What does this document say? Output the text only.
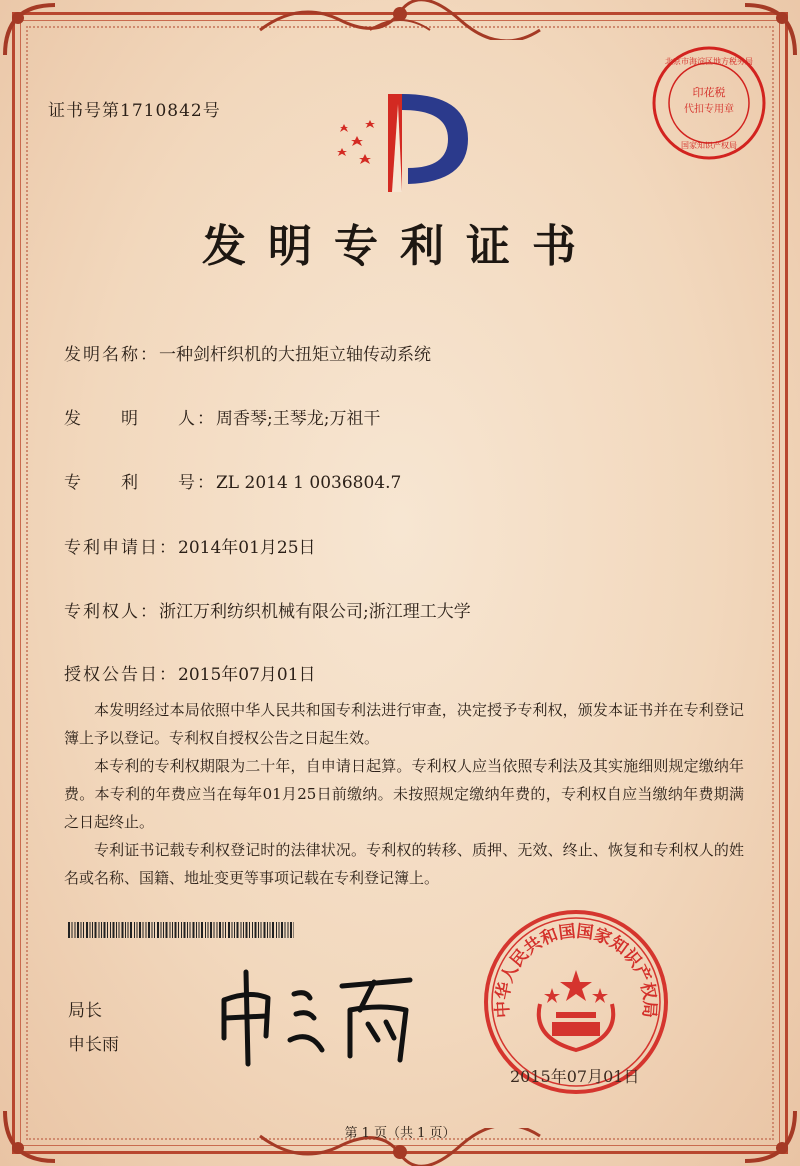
证书号第1710842号
印花税
代扣专用章
北京市海淀区地方税务局
国家知识产权局
发明专利证书
发明名称：一种剑杆织机的大扭矩立轴传动系统
发　　明　　人：周香琴;王琴龙;万祖干
专　　利　　号：ZL 2014 1 0036804.7
专利申请日：2014年01月25日
专利权人：浙江万利纺织机械有限公司;浙江理工大学
授权公告日：2015年07月01日

本发明经过本局依照中华人民共和国专利法进行审查，决定授予专利权，颁发本证书并在专利登记簿上予以登记。专利权自授权公告之日起生效。

本专利的专利权期限为二十年，自申请日起算。专利权人应当依照专利法及其实施细则规定缴纳年费。本专利的年费应当在每年01月25日前缴纳。未按照规定缴纳年费的，专利权自应当缴纳年费期满之日起终止。

专利证书记载专利权登记时的法律状况。专利权的转移、质押、无效、终止、恢复和专利权人的姓名或名称、国籍、地址变更等事项记载在专利登记簿上。

局长
申长雨
中华人民共和国国家知识产权局
2015年07月01日
第 1 页（共 1 页）
